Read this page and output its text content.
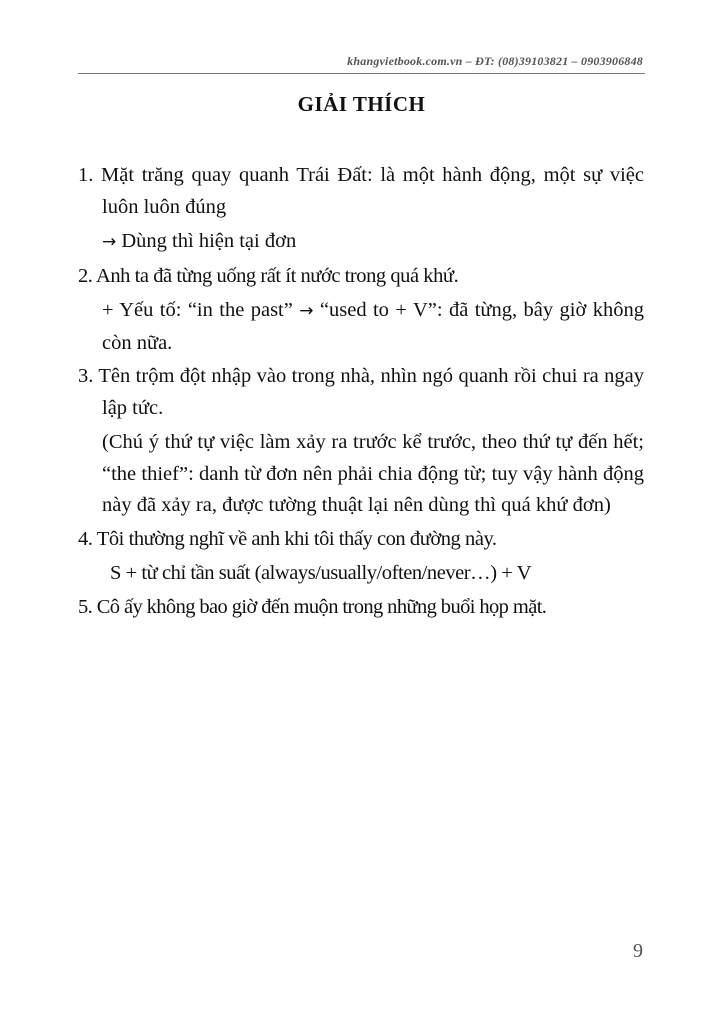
khangvietbook.com.vn – ĐT: (08)39103821 – 0903906848
GIẢI THÍCH
1. Mặt trăng quay quanh Trái Đất: là một hành động, một sự việc luôn luôn đúng
→ Dùng thì hiện tại đơn
2. Anh ta đã từng uống rất ít nước trong quá khứ.
+ Yếu tố: “in the past” → “used to + V”: đã từng, bây giờ không còn nữa.
3. Tên trộm đột nhập vào trong nhà, nhìn ngó quanh rồi chui ra ngay lập tức.
(Chú ý thứ tự việc làm xảy ra trước kể trước, theo thứ tự đến hết; “the thief”: danh từ đơn nên phải chia động từ; tuy vậy hành động này đã xảy ra, được tường thuật lại nên dùng thì quá khứ đơn)
4. Tôi thường nghĩ về anh khi tôi thấy con đường này.
S + từ chỉ tần suất (always/usually/often/never…) + V
5. Cô ấy không bao giờ đến muộn trong những buổi họp mặt.
9
